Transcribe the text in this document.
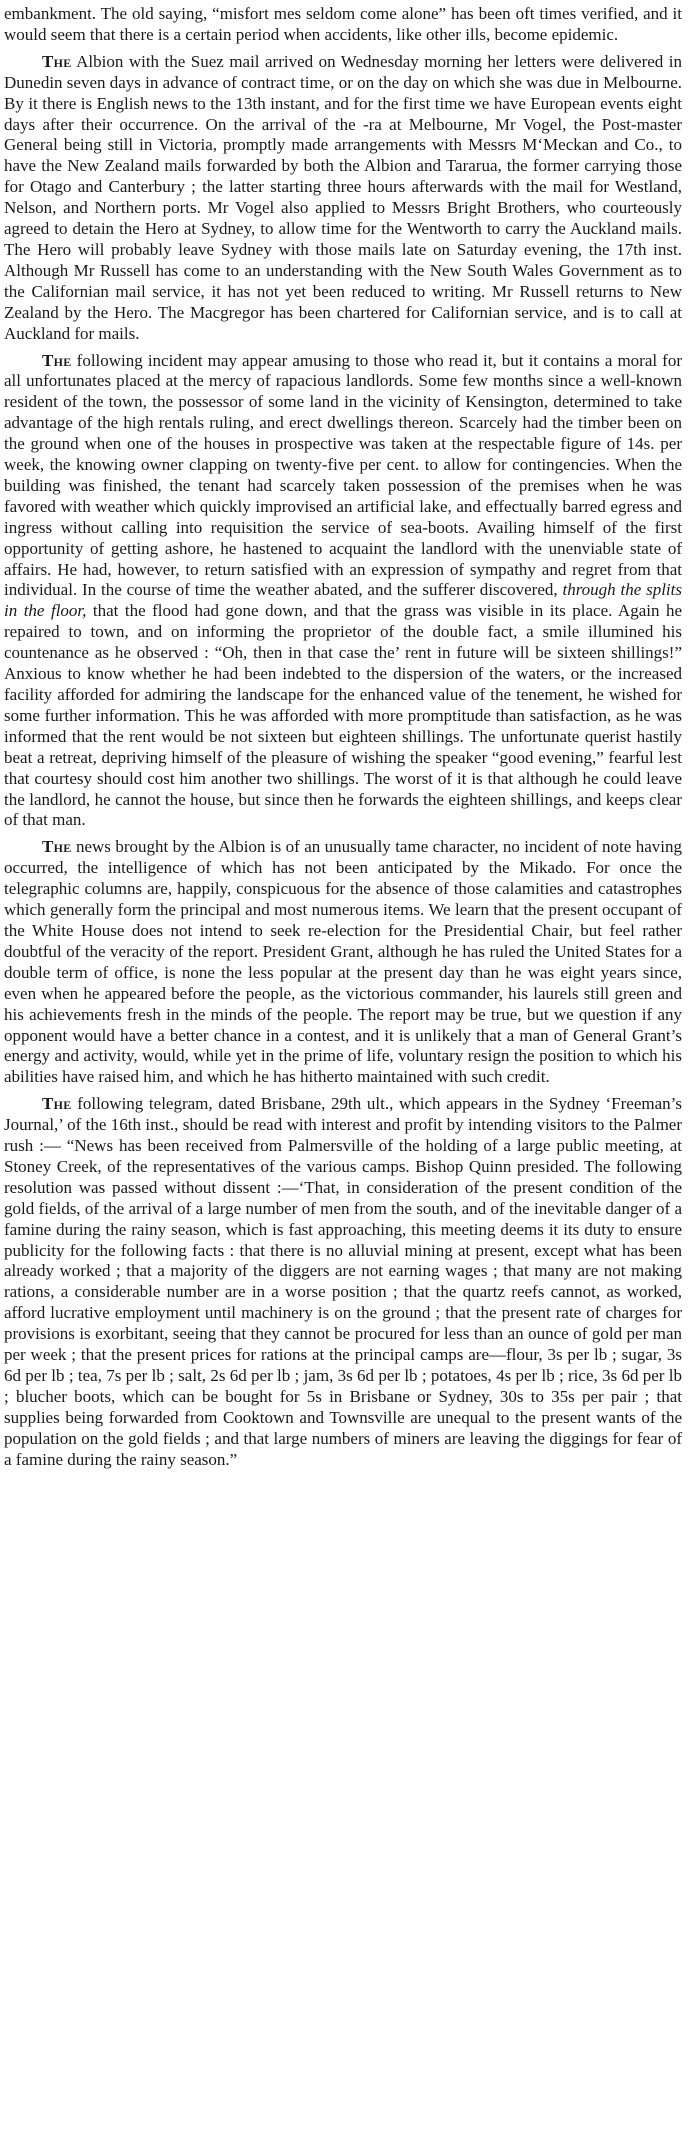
embankment. The old saying, “misfort mes seldom come alone” has been oft times verified, and it would seem that there is a certain period when accidents, like other ills, become epidemic.

The Albion with the Suez mail arrived on Wednesday morning her letters were delivered in Dunedin seven days in advance of contract time, or on the day on which she was due in Melbourne. By it there is English news to the 13th instant, and for the first time we have European events eight days after their occurrence. On the arrival of the ‑ra at Melbourne, Mr Vogel, the Post-master General being still in Victoria, promptly made arrangements with Messrs M‘Meckan and Co., to have the New Zealand mails forwarded by both the Albion and Tararua, the former carrying those for Otago and Canterbury ; the latter starting three hours afterwards with the mail for Westland, Nelson, and Northern ports. Mr Vogel also applied to Messrs Bright Brothers, who courteously agreed to detain the Hero at Sydney, to allow time for the Wentworth to carry the Auckland mails. The Hero will probably leave Sydney with those mails late on Saturday evening, the 17th inst. Although Mr Russell has come to an understanding with the New South Wales Government as to the Californian mail service, it has not yet been reduced to writing. Mr Russell returns to New Zealand by the Hero. The Macgregor has been chartered for Californian service, and is to call at Auckland for mails.

The following incident may appear amusing to those who read it, but it contains a moral for all unfortunates placed at the mercy of rapacious landlords. Some few months since a well-known resident of the town, the possessor of some land in the vicinity of Kensington, determined to take advantage of the high rentals ruling, and erect dwellings thereon. Scarcely had the timber been on the ground when one of the houses in prospective was taken at the respectable figure of 14s. per week, the knowing owner clapping on twenty-five per cent. to allow for contingencies. When the building was finished, the tenant had scarcely taken possession of the premises when he was favored with weather which quickly improvised an artificial lake, and effectually barred egress and ingress without calling into requisition the service of sea-boots. Availing himself of the first opportunity of getting ashore, he hastened to acquaint the landlord with the unenviable state of affairs. He had, however, to return satisfied with an expression of sympathy and regret from that individual. In the course of time the weather abated, and the sufferer discovered, through the splits in the floor, that the flood had gone down, and that the grass was visible in its place. Again he repaired to town, and on informing the proprietor of the double fact, a smile illumined his countenance as he observed : “Oh, then in that case the’ rent in future will be sixteen shillings!” Anxious to know whether he had been indebted to the dispersion of the waters, or the increased facility afforded for admiring the landscape for the enhanced value of the tenement, he wished for some further information. This he was afforded with more promptitude than satisfaction, as he was informed that the rent would be not sixteen but eighteen shillings. The unfortunate querist hastily beat a retreat, depriving himself of the pleasure of wishing the speaker “good evening,” fearful lest that courtesy should cost him another two shillings. The worst of it is that although he could leave the landlord, he cannot the house, but since then he forwards the eighteen shillings, and keeps clear of that man.

The news brought by the Albion is of an unusually tame character, no incident of note having occurred, the intelligence of which has not been anticipated by the Mikado. For once the telegraphic columns are, happily, conspicuous for the absence of those calamities and catastrophes which generally form the principal and most numerous items. We learn that the present occupant of the White House does not intend to seek re-election for the Presidential Chair, but feel rather doubtful of the veracity of the report. President Grant, although he has ruled the United States for a double term of office, is none the less popular at the present day than he was eight years since, even when he appeared before the people, as the victorious commander, his laurels still green and his achievements fresh in the minds of the people. The report may be true, but we question if any opponent would have a better chance in a contest, and it is unlikely that a man of General Grant’s energy and activity, would, while yet in the prime of life, voluntary resign the position to which his abilities have raised him, and which he has hitherto maintained with such credit.

The following telegram, dated Brisbane, 29th ult., which appears in the Sydney ‘Freeman’s Journal,’ of the 16th inst., should be read with interest and profit by intending visitors to the Palmer rush :— “News has been received from Palmersville of the holding of a large public meeting, at Stoney Creek, of the representatives of the various camps. Bishop Quinn presided. The following resolution was passed without dissent :—‘That, in consideration of the present condition of the gold fields, of the arrival of a large number of men from the south, and of the inevitable danger of a famine during the rainy season, which is fast approaching, this meeting deems it its duty to ensure publicity for the following facts : that there is no alluvial mining at present, except what has been already worked ; that a majority of the diggers are not earning wages ; that many are not making rations, a considerable number are in a worse position ; that the quartz reefs cannot, as worked, afford lucrative employment until machinery is on the ground ; that the present rate of charges for provisions is exorbitant, seeing that they cannot be procured for less than an ounce of gold per man per week ; that the present prices for rations at the principal camps are—flour, 3s per lb ; sugar, 3s 6d per lb ; tea, 7s per lb ; salt, 2s 6d per lb ; jam, 3s 6d per lb ; potatoes, 4s per lb ; rice, 3s 6d per lb ; blucher boots, which can be bought for 5s in Brisbane or Sydney, 30s to 35s per pair ; that supplies being forwarded from Cooktown and Townsville are unequal to the present wants of the population on the gold fields ; and that large numbers of miners are leaving the diggings for fear of a famine during the rainy season.”
